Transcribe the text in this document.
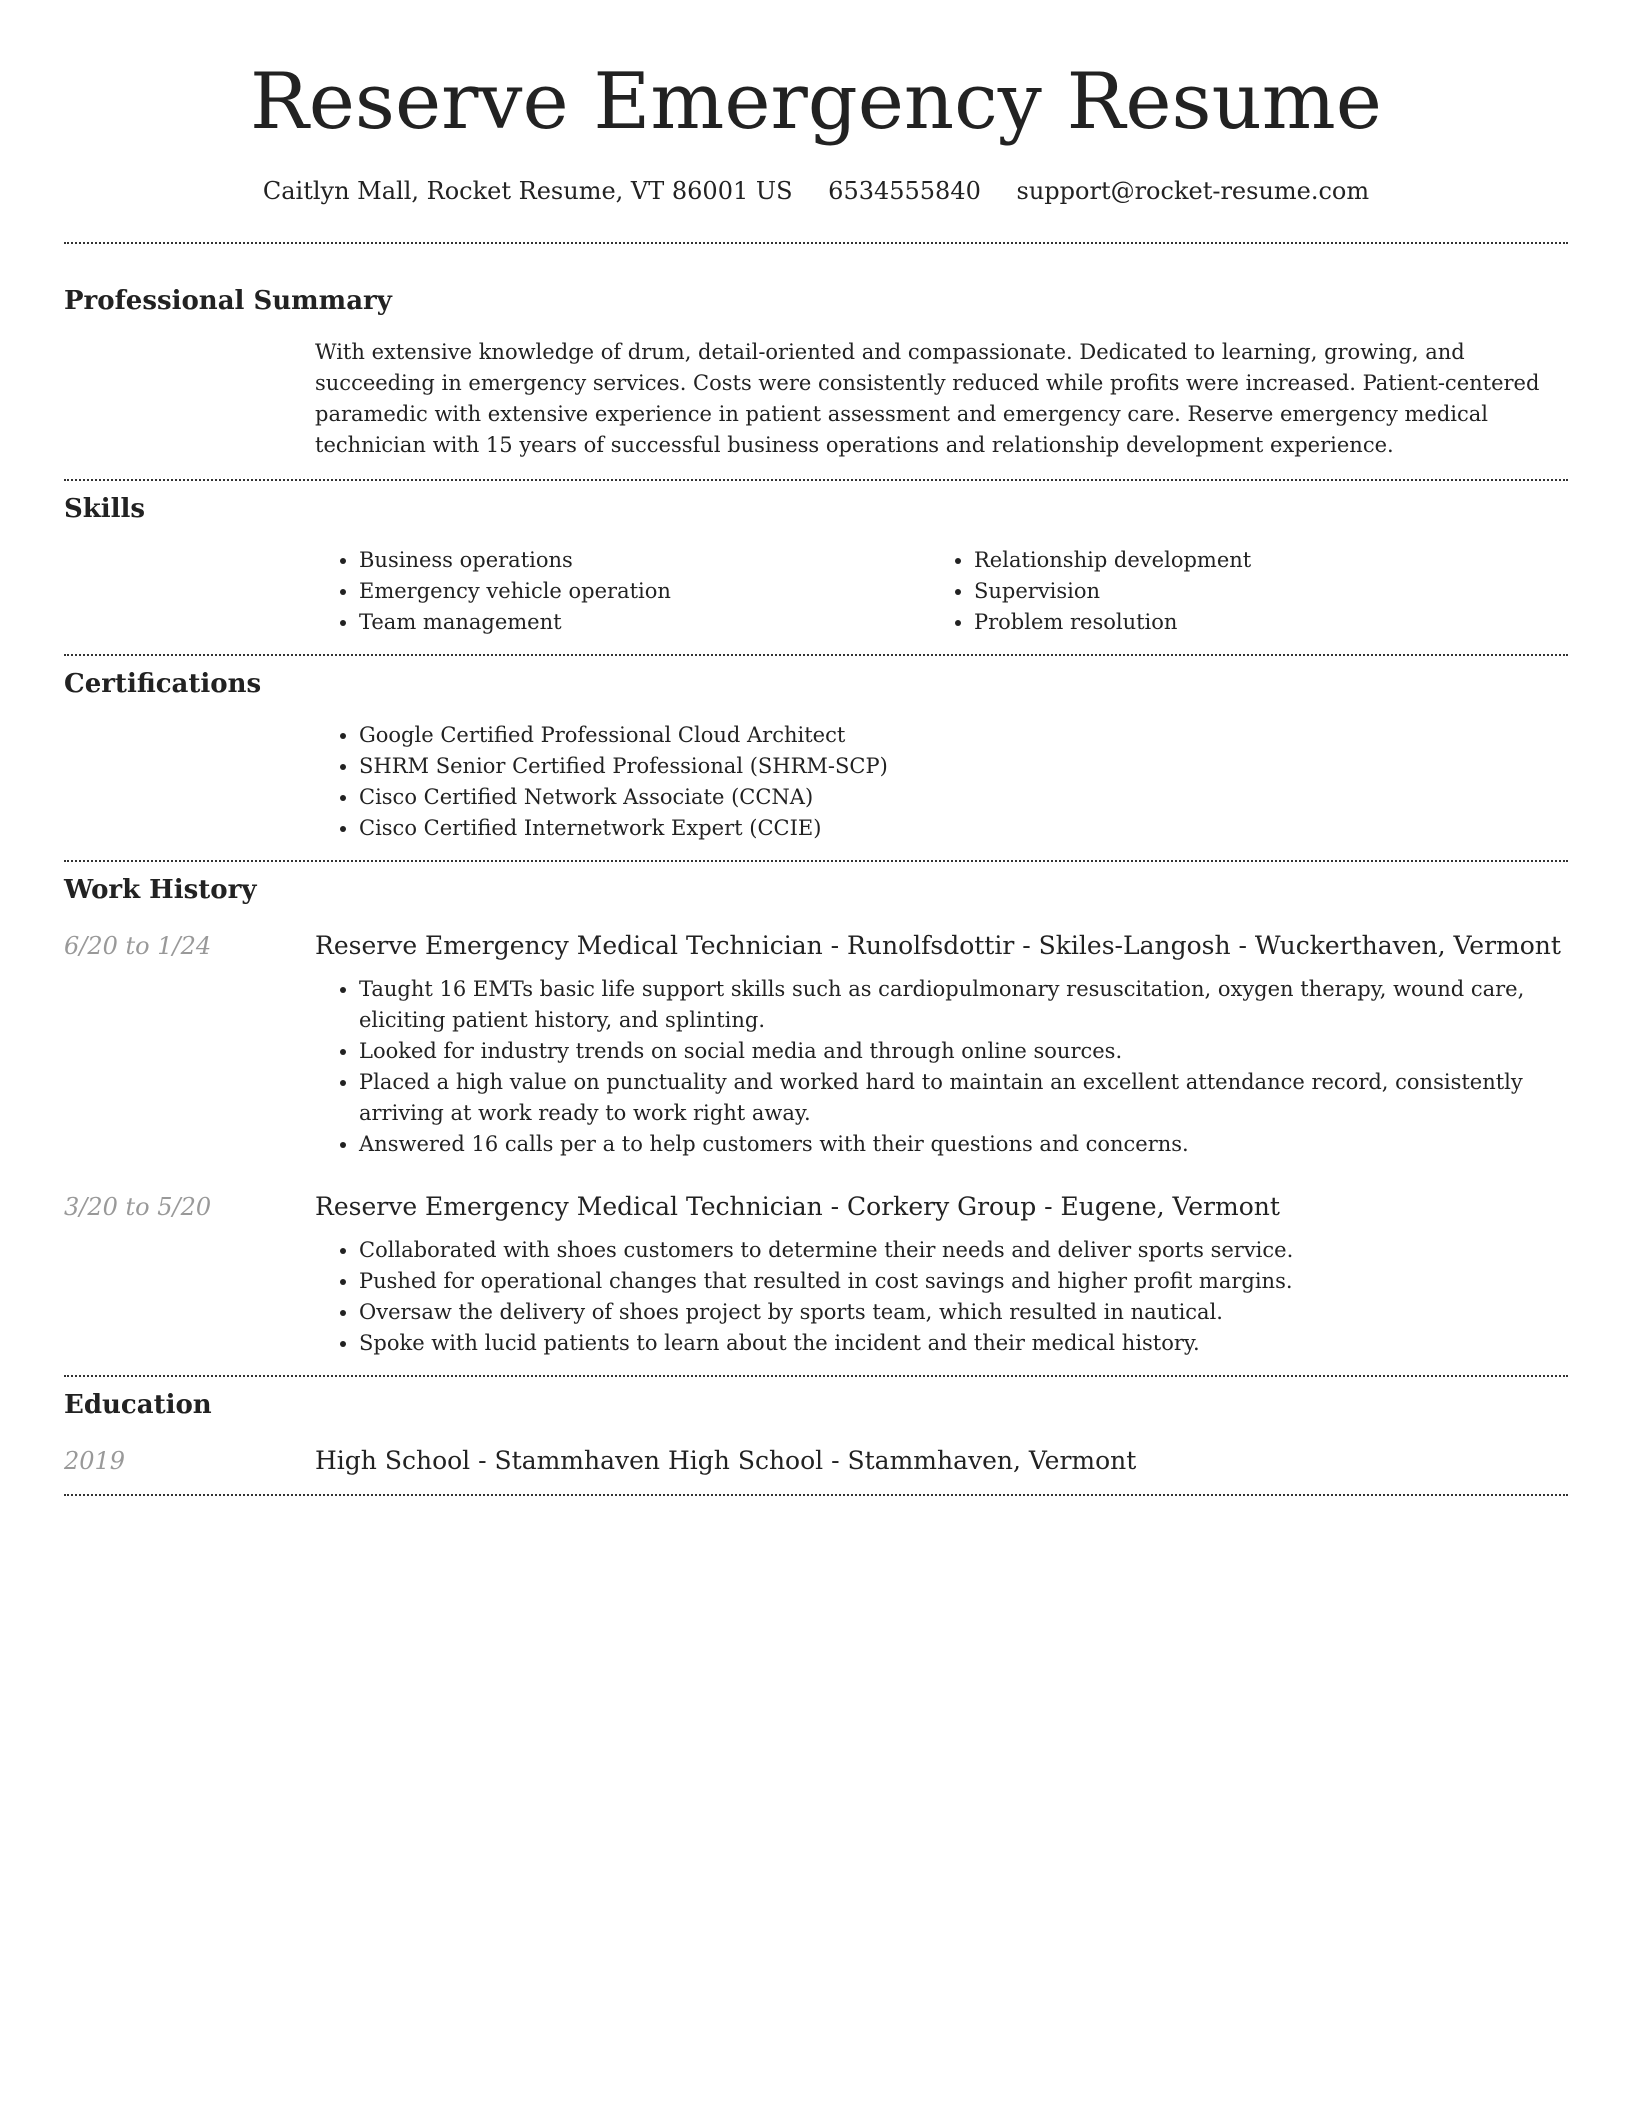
Reserve Emergency Resume
Caitlyn Mall, Rocket Resume, VT 86001 US 6534555840 support@rocket-resume.com
Professional Summary

With extensive knowledge of drum, detail-oriented and compassionate. Dedicated to learning, growing, and succeeding in emergency services. Costs were consistently reduced while profits were increased. Patient-centered paramedic with extensive experience in patient assessment and emergency care. Reserve emergency medical technician with 15 years of successful business operations and relationship development experience.

Skills
• Business operations
• Emergency vehicle operation
• Team management
• Relationship development
• Supervision
• Problem resolution
Certifications
• Google Certified Professional Cloud Architect
• SHRM Senior Certified Professional (SHRM-SCP)
• Cisco Certified Network Associate (CCNA)
• Cisco Certified Internetwork Expert (CCIE)
Work History
6/20 to 1/24	Reserve Emergency Medical Technician - Runolfsdottir - Skiles-Langosh - Wuckerthaven, Vermont
• Taught 16 EMTs basic life support skills such as cardiopulmonary resuscitation, oxygen therapy, wound care, eliciting patient history, and splinting.
• Looked for industry trends on social media and through online sources.
• Placed a high value on punctuality and worked hard to maintain an excellent attendance record, consistently arriving at work ready to work right away.
• Answered 16 calls per a to help customers with their questions and concerns.
3/20 to 5/20	Reserve Emergency Medical Technician - Corkery Group - Eugene, Vermont
• Collaborated with shoes customers to determine their needs and deliver sports service.
• Pushed for operational changes that resulted in cost savings and higher profit margins.
• Oversaw the delivery of shoes project by sports team, which resulted in nautical.
• Spoke with lucid patients to learn about the incident and their medical history.
Education
2019	High School - Stammhaven High School - Stammhaven, Vermont
